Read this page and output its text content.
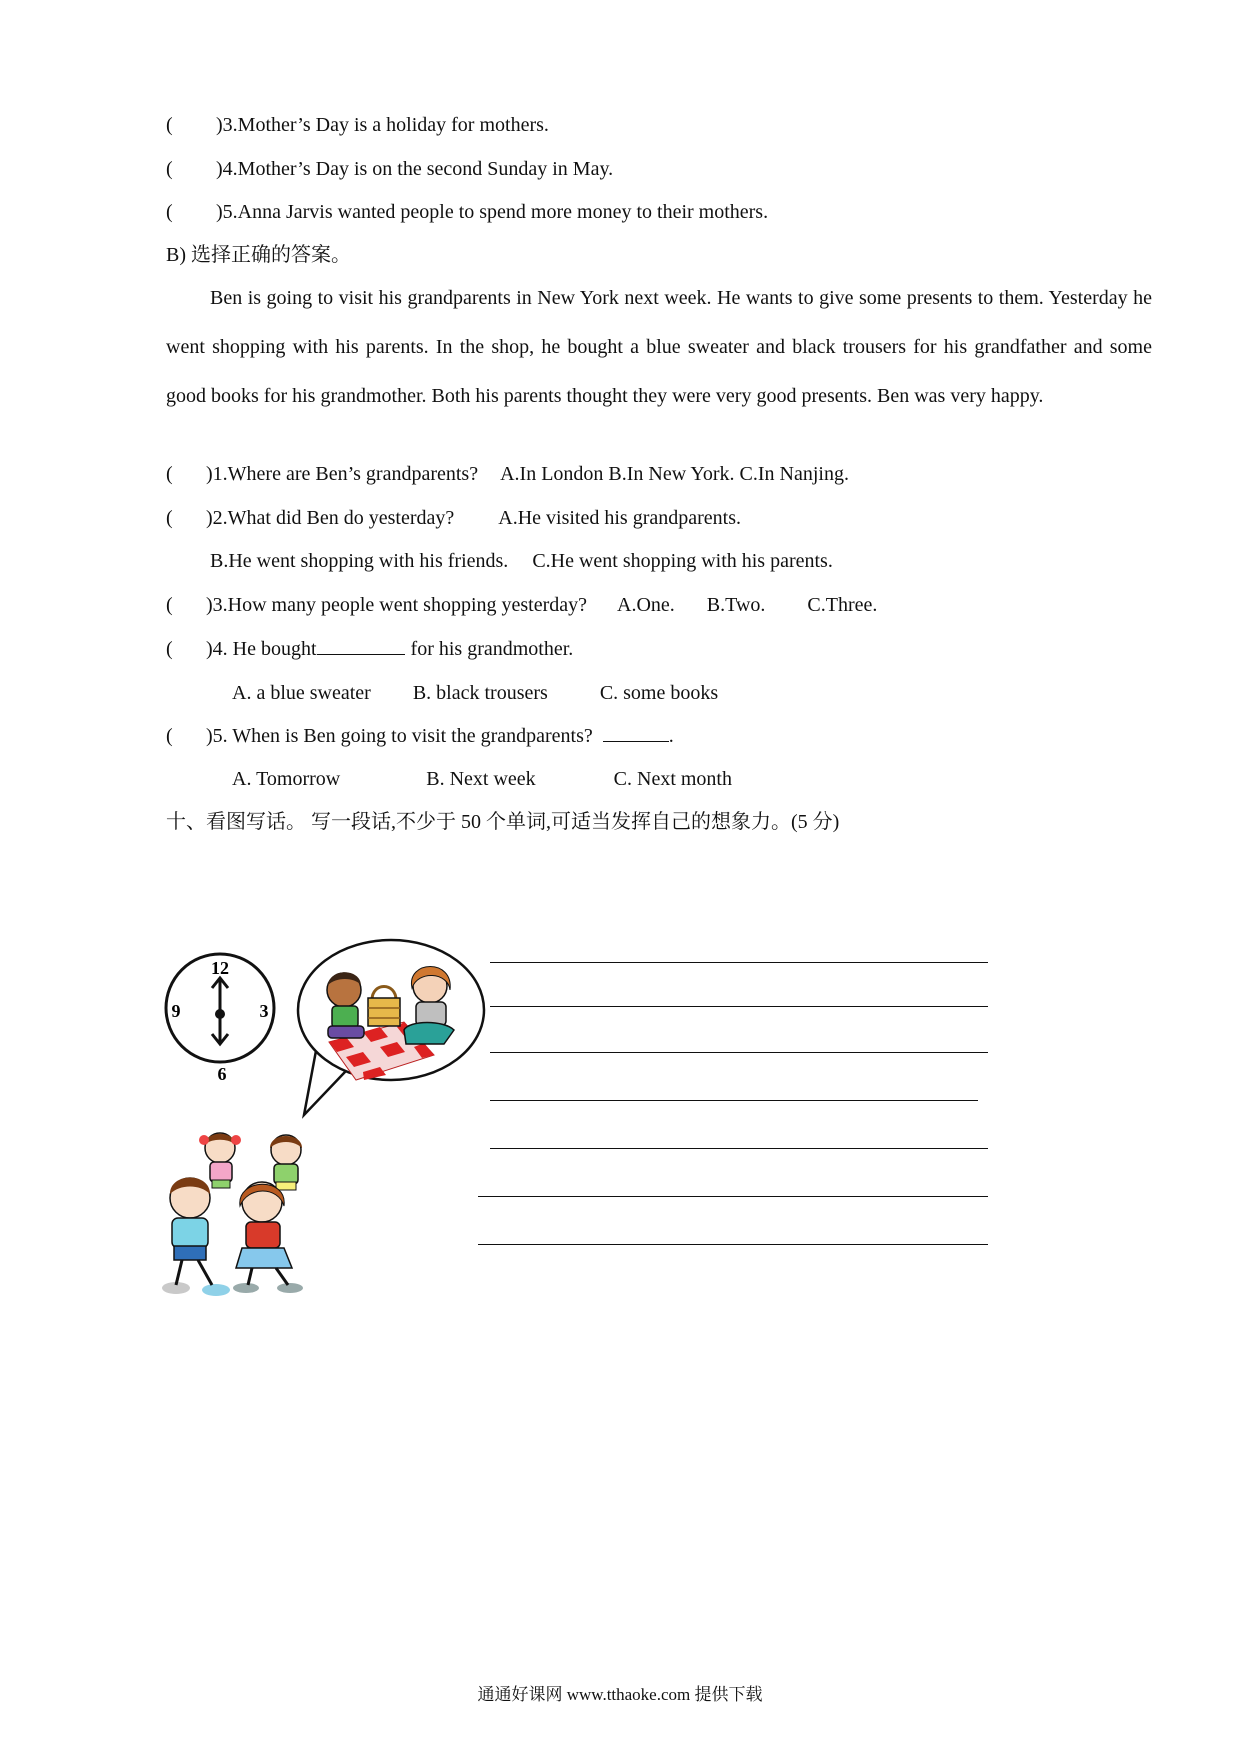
( )3.Mother’s Day is a holiday for mothers.
( )4.Mother’s Day is on the second Sunday in May.
( )5.Anna Jarvis wanted people to spend more money to their mothers.
B) 选择正确的答案。
Ben is going to visit his grandparents in New York next week. He wants to give some presents to them. Yesterday he went shopping with his parents. In the shop, he bought a blue sweater and black trousers for his grandfather and some good books for his grandmother. Both his parents thought they were very good presents. Ben was very happy.
( )1.Where are Ben’s grandparents? A.In London B.In New York. C.In Nanjing.
( )2.What did Ben do yesterday? A.He visited his grandparents.
B.He went shopping with his friends. C.He went shopping with his parents.
( )3.How many people went shopping yesterday? A.One. B.Two. C.Three.
( )4. He bought	for his grandmother.
A. a blue sweater B. black trousers	C. some books
( )5. When is Ben going to visit the grandparents?	.
A. Tomorrow	B. Next week	C. Next month
十、看图写话。 写一段话,不少于 50 个单词,可适当发挥自己的想象力。(5 分)
12
3
9
6
通通好课网 www.tthaoke.com 提供下载
